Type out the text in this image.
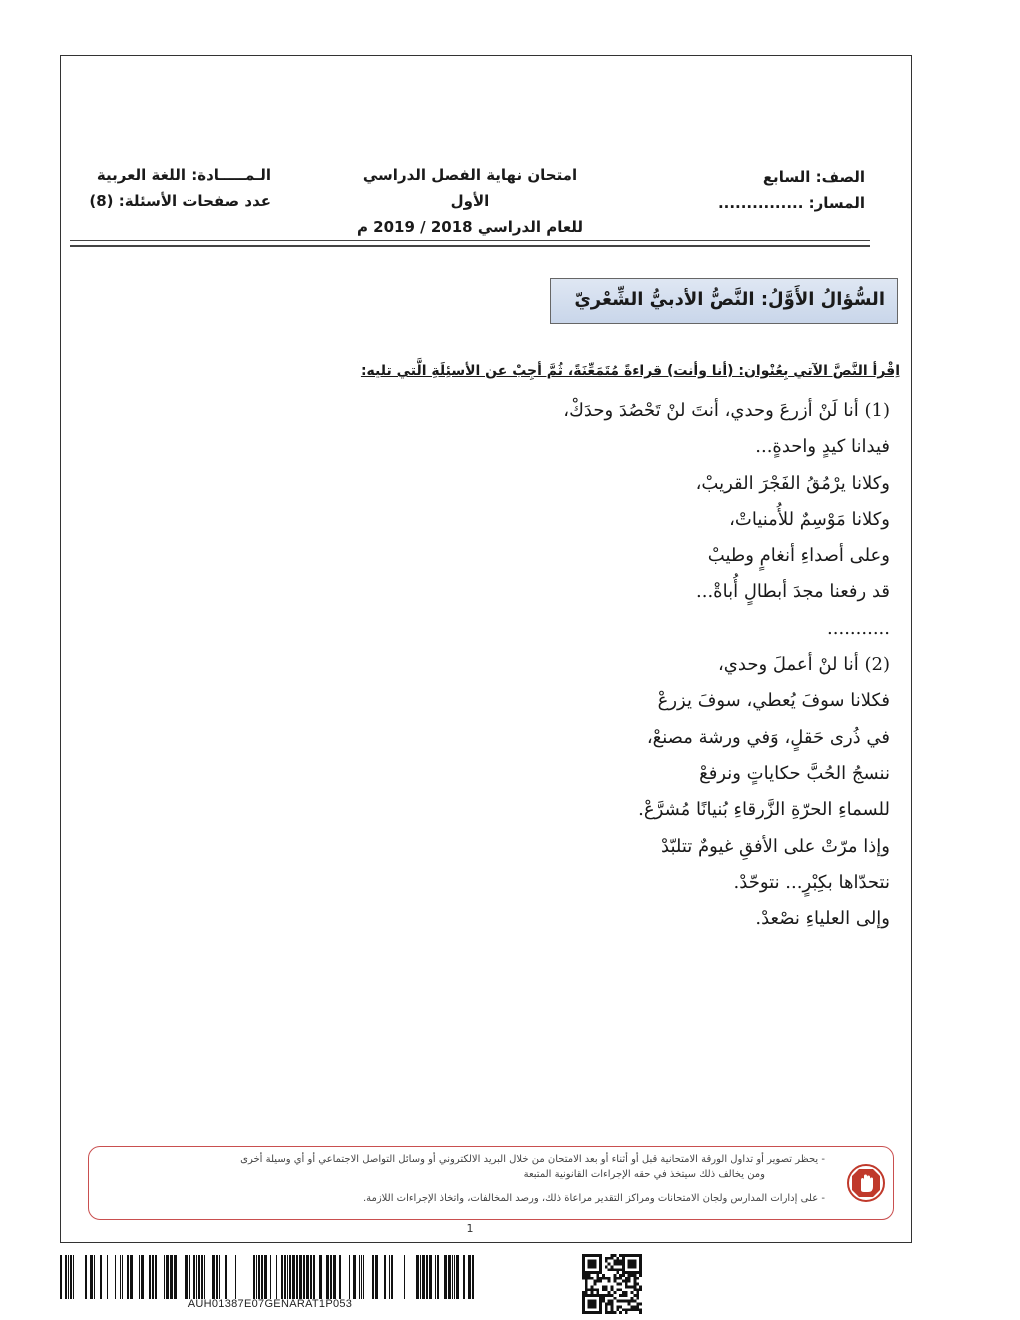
الصف: السابع
المسار: ...............
امتحان نهاية الفصل الدراسي الأول
للعام الدراسي 2018 / 2019 م
الـمـــــادة: اللغة العربية
عدد صفحات الأسئلة: (8)
السُّؤالُ الأَوَّلُ: النَّصُّ الأدبيُّ الشِّعْريّ
اِقْرأ النَّصَّ الآتي بِعُنْوان: (أنا وأنت) قراءةً مُتَمَعِّنَةً، ثُمَّ أجِبْ عن الأسئِلَةِ الَّتي تليه:
(1) أنا لَنْ أزرعَ وحدي، أنتَ لنْ تَحْصُدَ وحدَكْ،
فيدانا كيدٍ واحدةٍ...
وكلانا يرْمُقُ الفَجْرَ القريبْ،
وكلانا مَوْسِمٌ للأُمنياتْ،
وعلى أصداءِ أنغامٍ وطيبْ
قد رفعنا مجدَ أبطالٍ أُباةْ...
...........
(2) أنا لنْ أعملَ وحدي،
فكلانا سوفَ يُعطي، سوفَ يزرعْ
في ذُرى حَقلٍ، وَفي ورشة مصنعْ،
ننسجُ الحُبَّ حكاياتٍ ونرفعْ
للسماءِ الحرّةِ الزَّرقاءِ بُنيانًا مُشرَّعْ.
وإذا مرّتْ على الأفقِ غيومٌ تتلبّدْ
نتحدّاها بكِبْرٍ... نتوحّدْ.
وإلى العلياءِ نصْعدْ.
- يحظر تصوير أو تداول الورقة الامتحانية قبل أو أثناء أو بعد الامتحان من خلال البريد الالكتروني أو وسائل التواصل الاجتماعي أو أي وسيلة أخرى
ومن يخالف ذلك سيتخذ في حقه الإجراءات القانونية المتبعة
- على إدارات المدارس ولجان الامتحانات ومراكز التقدير مراعاة ذلك، ورصد المخالفات، واتخاذ الإجراءات اللازمة.
1
AUH01387E07GENARAT1P053
